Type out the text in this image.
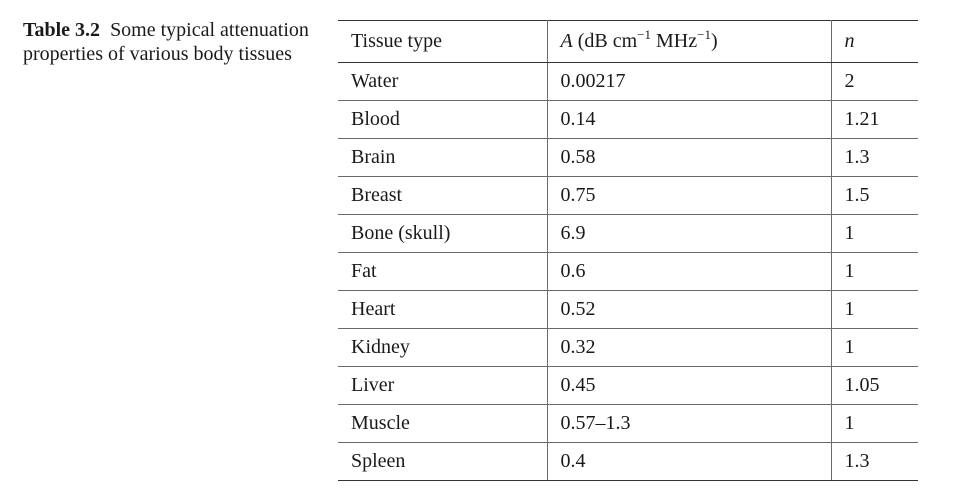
Table 3.2 Some typical attenuation properties of various body tissues
Tissue type	A (dB $cm^{-1}$ MHz$^{-1}$)	n
Water	0.00217	2
Blood	0.14	1.21
Brain	0.58	1.3
Breast	0.75	1.5
Bone (skull)	6.9	1
Fat	0.6	1
Heart	0.52	1
Kidney	0.32	1
Liver	0.45	1.05
Muscle	0.57–1.3	1
Spleen	0.4	1.3
